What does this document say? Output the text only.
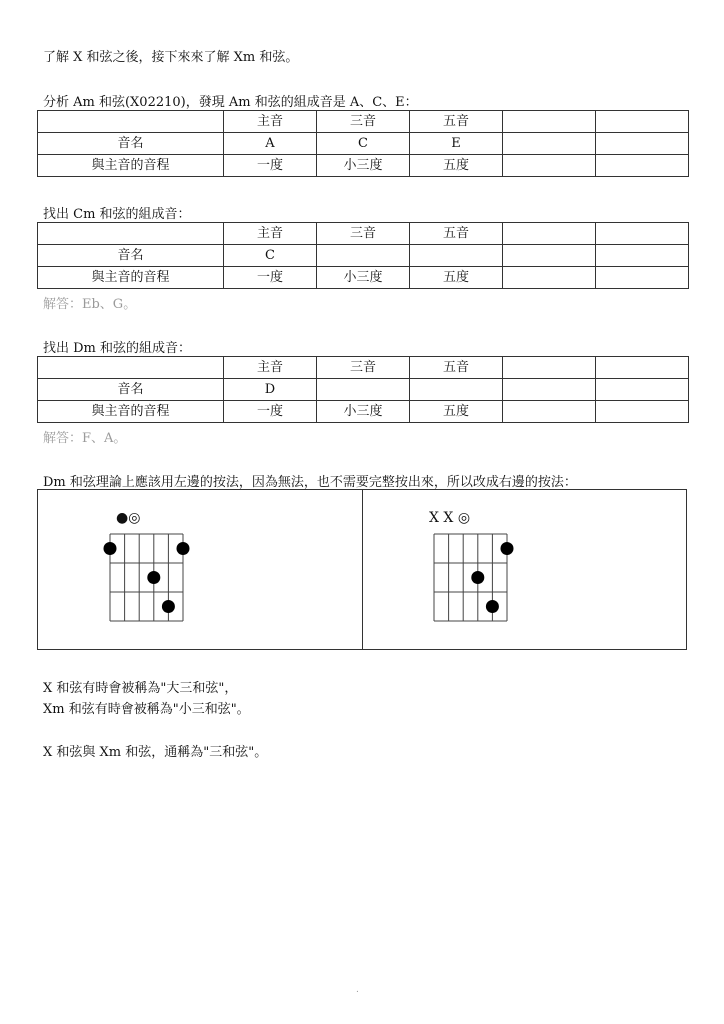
了解 X 和弦之後，接下來來了解 Xm 和弦。
分析 Am 和弦(X02210)，發現 Am 和弦的組成音是 A、C、E：
	主音	三音	五音		
音名	A	C	E		
與主音的音程	一度	小三度	五度		
找出 Cm 和弦的組成音：
	主音	三音	五音		
音名	C				
與主音的音程	一度	小三度	五度		
解答：Eb、G。
找出 Dm 和弦的組成音：
	主音	三音	五音		
音名	D				
與主音的音程	一度	小三度	五度		
解答：F、A。
Dm 和弦理論上應該用左邊的按法，因為無法，也不需要完整按出來，所以改成右邊的按法：
●◎	X X ◎
X 和弦有時會被稱為"大三和弦"，
Xm 和弦有時會被稱為"小三和弦"。
X 和弦與 Xm 和弦，通稱為"三和弦"。
.
